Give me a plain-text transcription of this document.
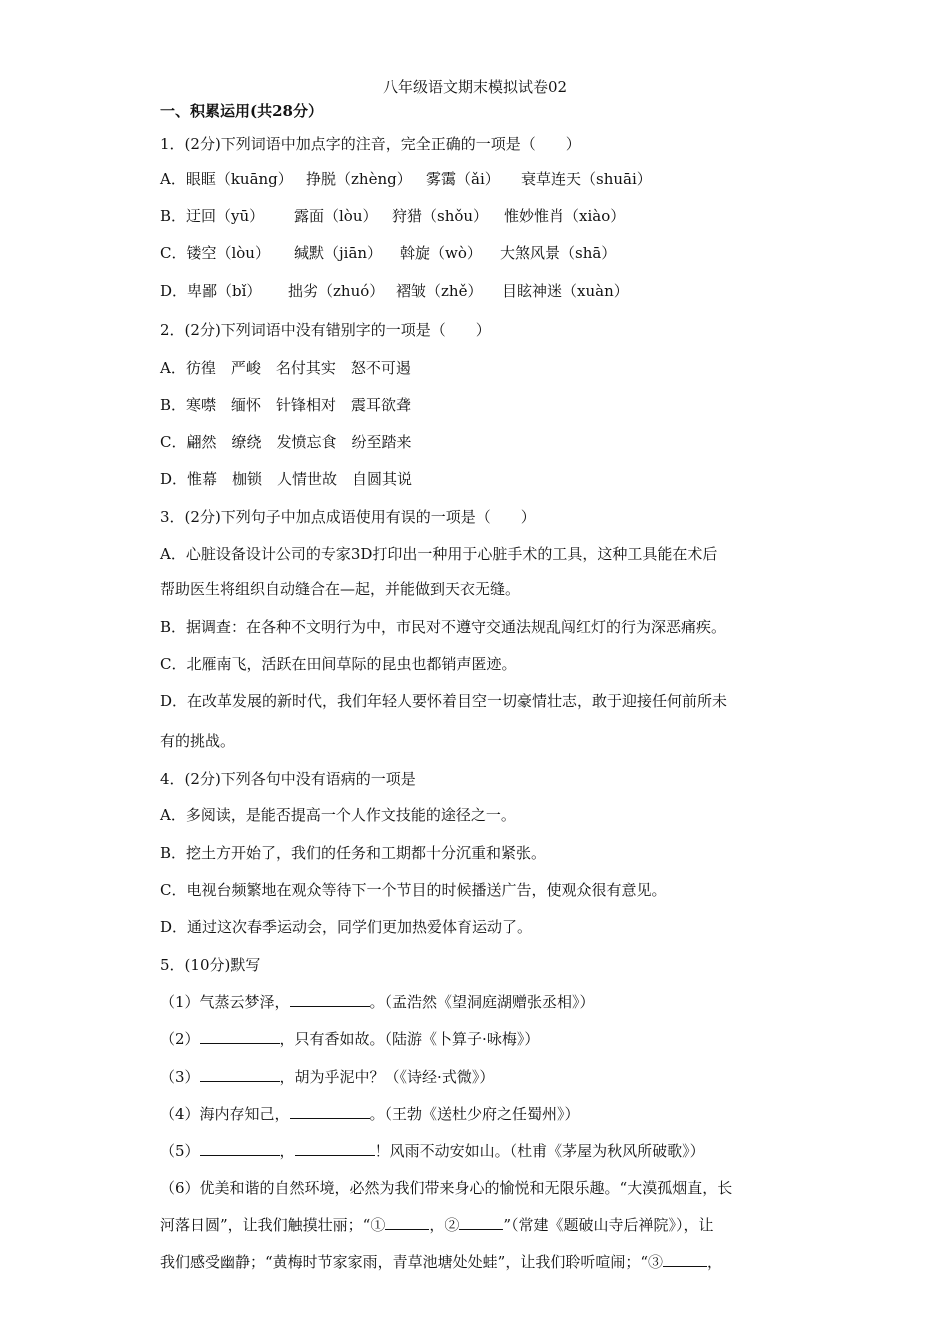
八年级语文期末模拟试卷02
一、积累运用(共28分）
1．(2分)下列词语中加点字的注音，完全正确的一项是（　　）
A．眼眶（kuāng） 挣脱（zhèng） 雾霭（ǎi） 衰草连天（shuāi）
B．迂回（yū） 露面（lòu） 狩猎（shǒu） 惟妙惟肖（xiào）
C．镂空（lòu） 缄默（jiān） 斡旋（wò） 大煞风景（shā）
D．卑鄙（bǐ） 拙劣（zhuó） 褶皱（zhě） 目眩神迷（xuàn）
2．(2分)下列词语中没有错别字的一项是（　　）
A．彷徨　严峻　名付其实　怒不可遏
B．寒噤　缅怀　针锋相对　震耳欲聋
C．翩然　缭绕　发愤忘食　纷至踏来
D．惟幕　枷锁　人情世故　自圆其说
3．(2分)下列句子中加点成语使用有误的一项是（　　）
A．心脏设备设计公司的专家3D打印出一种用于心脏手术的工具，这种工具能在术后
帮助医生将组织自动缝合在—起，并能做到天衣无缝。
B．据调查：在各种不文明行为中，市民对不遵守交通法规乱闯红灯的行为深恶痛疾。
C．北雁南飞，活跃在田间草际的昆虫也都销声匿迹。
D．在改革发展的新时代，我们年轻人要怀着目空一切豪情壮志，敢于迎接任何前所未
有的挑战。
4．(2分)下列各句中没有语病的一项是
A．多阅读，是能否提高一个人作文技能的途径之一。
B．挖土方开始了，我们的任务和工期都十分沉重和紧张。
C．电视台频繁地在观众等待下一个节目的时候播送广告，使观众很有意见。
D．通过这次春季运动会，同学们更加热爱体育运动了。
5．(10分)默写
（1）气蒸云梦泽，	。（孟浩然《望洞庭湖赠张丞相》）
（2）	，只有香如故。（陆游《卜算子·咏梅》）
（3）	，胡为乎泥中？（《诗经·式微》）
（4）海内存知己，	。（王勃《送杜少府之任蜀州》）
（5）	，	！风雨不动安如山。（杜甫《茅屋为秋风所破歌》）
（6）优美和谐的自然环境，必然为我们带来身心的愉悦和无限乐趣。“大漠孤烟直，长
河落日圆”，让我们触摸壮丽；“①	，②	”（常建《题破山寺后禅院》），让
我们感受幽静；“黄梅时节家家雨，青草池塘处处蛙”，让我们聆听喧闹；“③	，
